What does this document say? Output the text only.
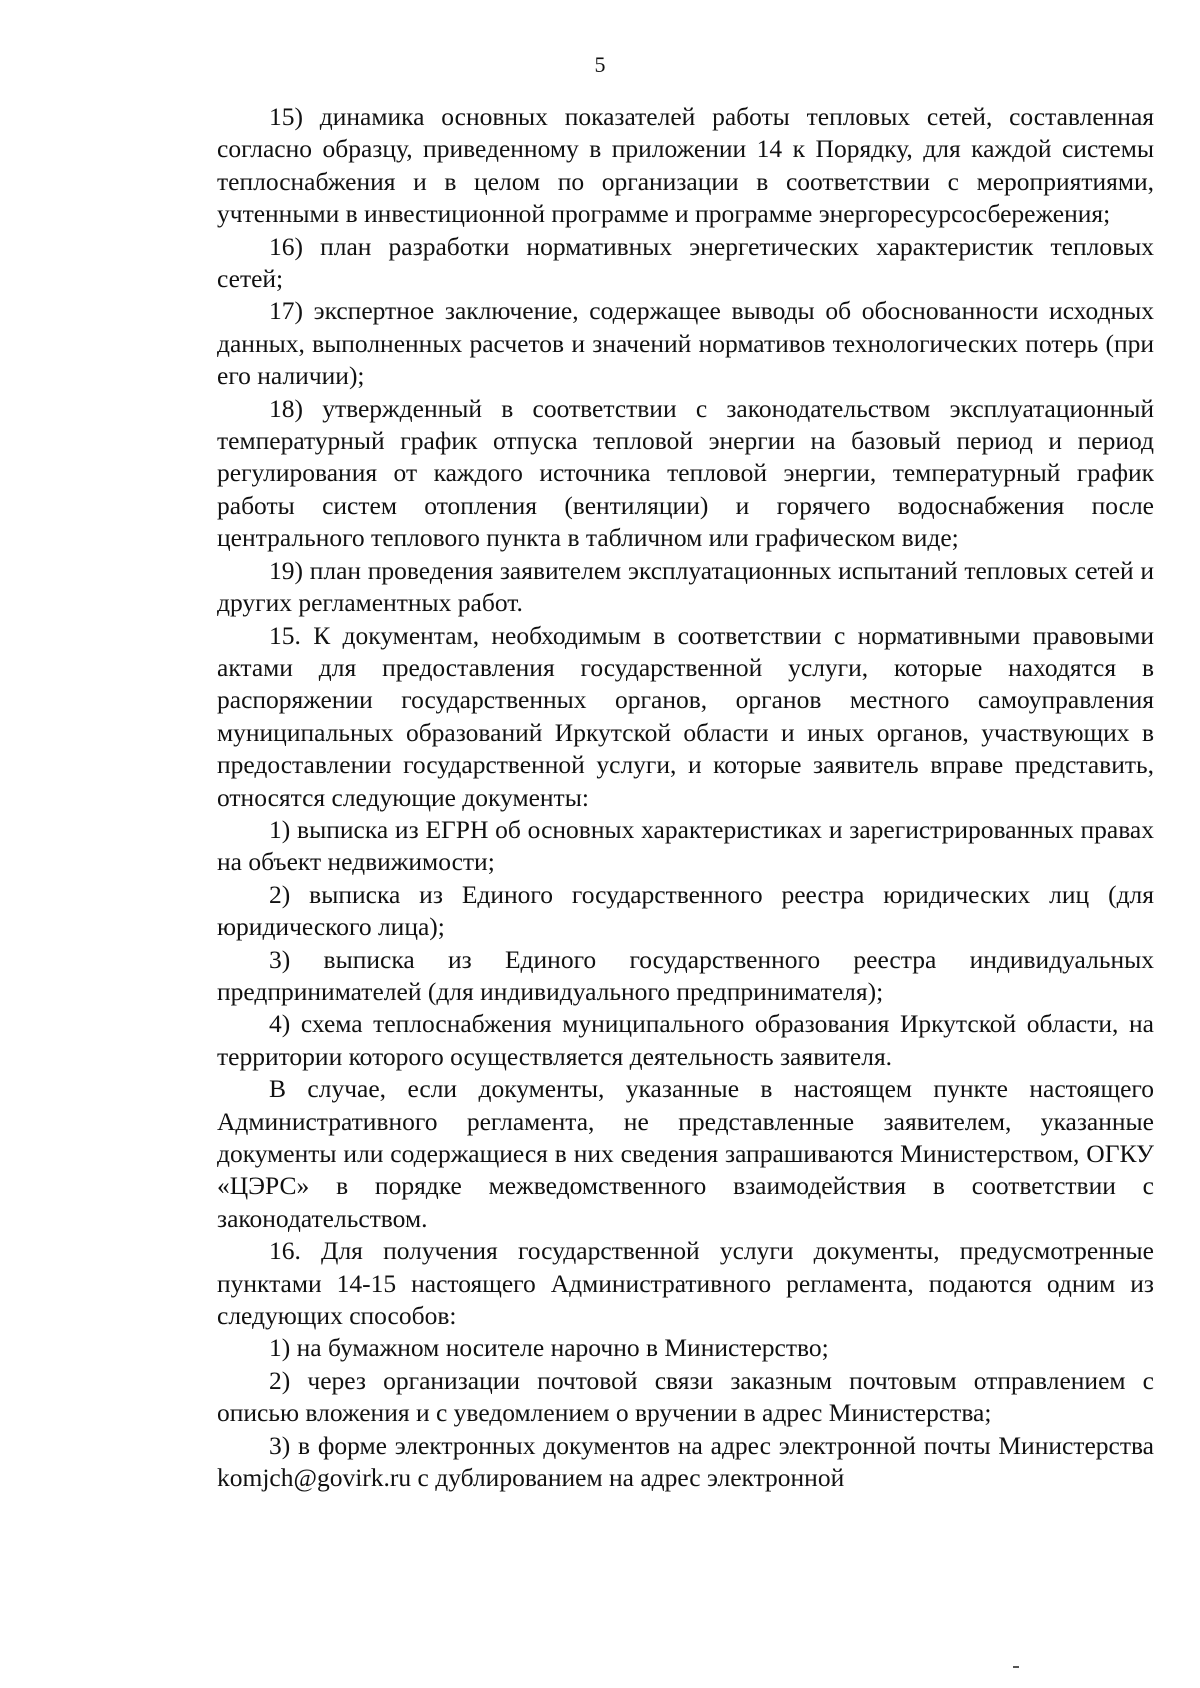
5

15) динамика основных показателей работы тепловых сетей, составленная согласно образцу, приведенному в приложении 14 к Порядку, для каждой системы теплоснабжения и в целом по организации в соответствии с мероприятиями, учтенными в инвестиционной программе и программе энергоресурсосбережения;

16) план разработки нормативных энергетических характеристик тепловых сетей;

17) экспертное заключение, содержащее выводы об обоснованности исходных данных, выполненных расчетов и значений нормативов технологических потерь (при его наличии);

18) утвержденный в соответствии с законодательством эксплуатационный температурный график отпуска тепловой энергии на базовый период и период регулирования от каждого источника тепловой энергии, температурный график работы систем отопления (вентиляции) и горячего водоснабжения после центрального теплового пункта в табличном или графическом виде;

19) план проведения заявителем эксплуатационных испытаний тепловых сетей и других регламентных работ.

15. К документам, необходимым в соответствии с нормативными правовыми актами для предоставления государственной услуги, которые находятся в распоряжении государственных органов, органов местного самоуправления муниципальных образований Иркутской области и иных органов, участвующих в предоставлении государственной услуги, и которые заявитель вправе представить, относятся следующие документы:

1) выписка из ЕГРН об основных характеристиках и зарегистрированных правах на объект недвижимости;

2) выписка из Единого государственного реестра юридических лиц (для юридического лица);

3) выписка из Единого государственного реестра индивидуальных предпринимателей (для индивидуального предпринимателя);

4) схема теплоснабжения муниципального образования Иркутской области, на территории которого осуществляется деятельность заявителя.

В случае, если документы, указанные в настоящем пункте настоящего Административного регламента, не представленные заявителем, указанные документы или содержащиеся в них сведения запрашиваются Министерством, ОГКУ «ЦЭРС» в порядке межведомственного взаимодействия в соответствии с законодательством.

16. Для получения государственной услуги документы, предусмотренные пунктами 14-15 настоящего Административного регламента, подаются одним из следующих способов:

1) на бумажном носителе нарочно в Министерство;

2) через организации почтовой связи заказным почтовым отправлением с описью вложения и с уведомлением о вручении в адрес Министерства;

3) в форме электронных документов на адрес электронной почты Министерства komjch@govirk.ru с дублированием на адрес электронной
